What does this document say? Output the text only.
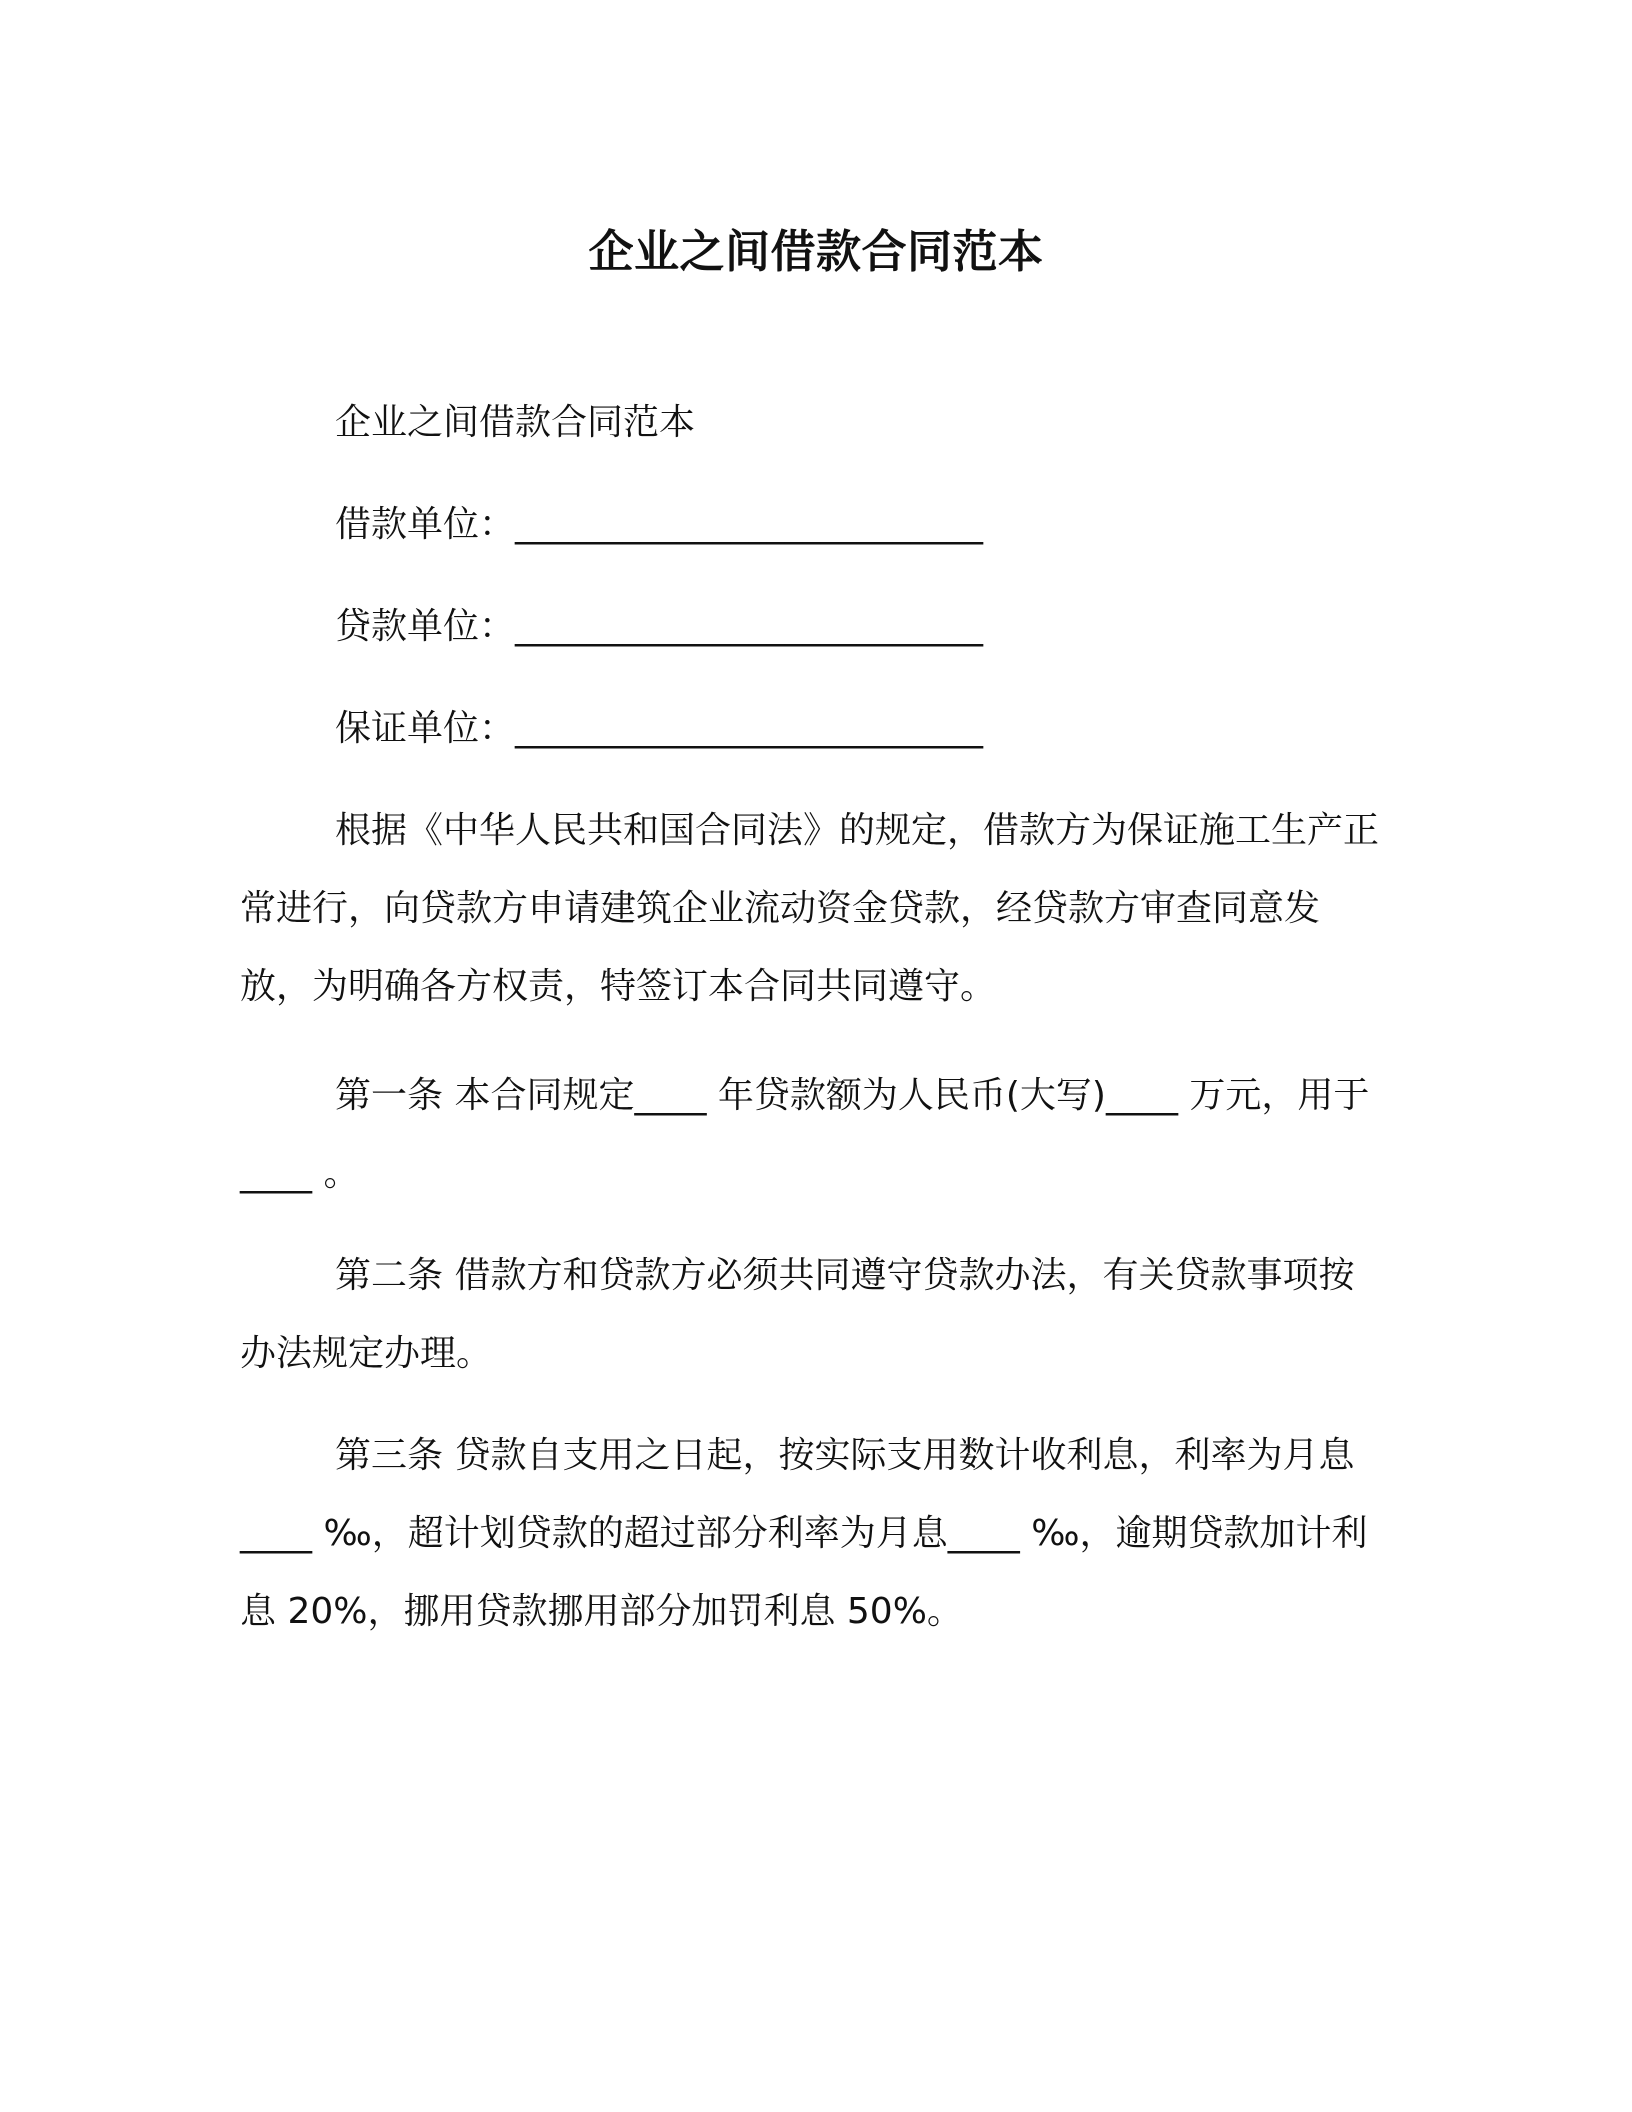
企业之间借款合同范本

企业之间借款合同范本

借款单位：__________________________

贷款单位：__________________________

保证单位：__________________________

根据《中华人民共和国合同法》的规定，借款方为保证施工生产正常进行，向贷款方申请建筑企业流动资金贷款，经贷款方审查同意发放，为明确各方权责，特签订本合同共同遵守。

第一条 本合同规定____ 年贷款额为人民币(大写)____ 万元，用于____ 。

第二条 借款方和贷款方必须共同遵守贷款办法，有关贷款事项按办法规定办理。

第三条 贷款自支用之日起，按实际支用数计收利息，利率为月息____ ‰，超计划贷款的超过部分利率为月息____ ‰，逾期贷款加计利息 20%，挪用贷款挪用部分加罚利息 50%。
